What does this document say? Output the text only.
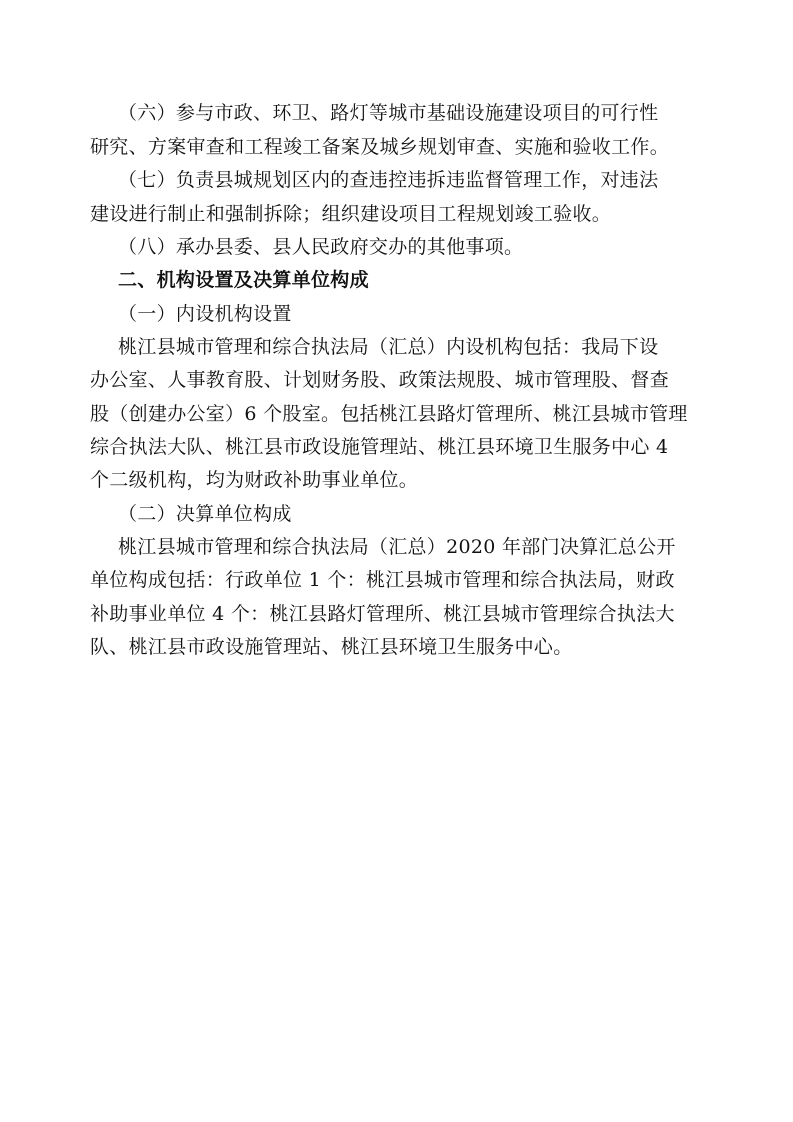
（六）参与市政、环卫、路灯等城市基础设施建设项目的可行性
研究、方案审查和工程竣工备案及城乡规划审查、实施和验收工作。
（七）负责县城规划区内的查违控违拆违监督管理工作，对违法
建设进行制止和强制拆除；组织建设项目工程规划竣工验收。
（八）承办县委、县人民政府交办的其他事项。
二、机构设置及决算单位构成
（一）内设机构设置
桃江县城市管理和综合执法局（汇总）内设机构包括：我局下设
办公室、人事教育股、计划财务股、政策法规股、城市管理股、督查
股（创建办公室）6 个股室。包括桃江县路灯管理所、桃江县城市管理
综合执法大队、桃江县市政设施管理站、桃江县环境卫生服务中心 4
个二级机构，均为财政补助事业单位。
（二）决算单位构成
桃江县城市管理和综合执法局（汇总）2020 年部门决算汇总公开
单位构成包括：行政单位 1 个：桃江县城市管理和综合执法局，财政
补助事业单位 4 个：桃江县路灯管理所、桃江县城市管理综合执法大
队、桃江县市政设施管理站、桃江县环境卫生服务中心。
